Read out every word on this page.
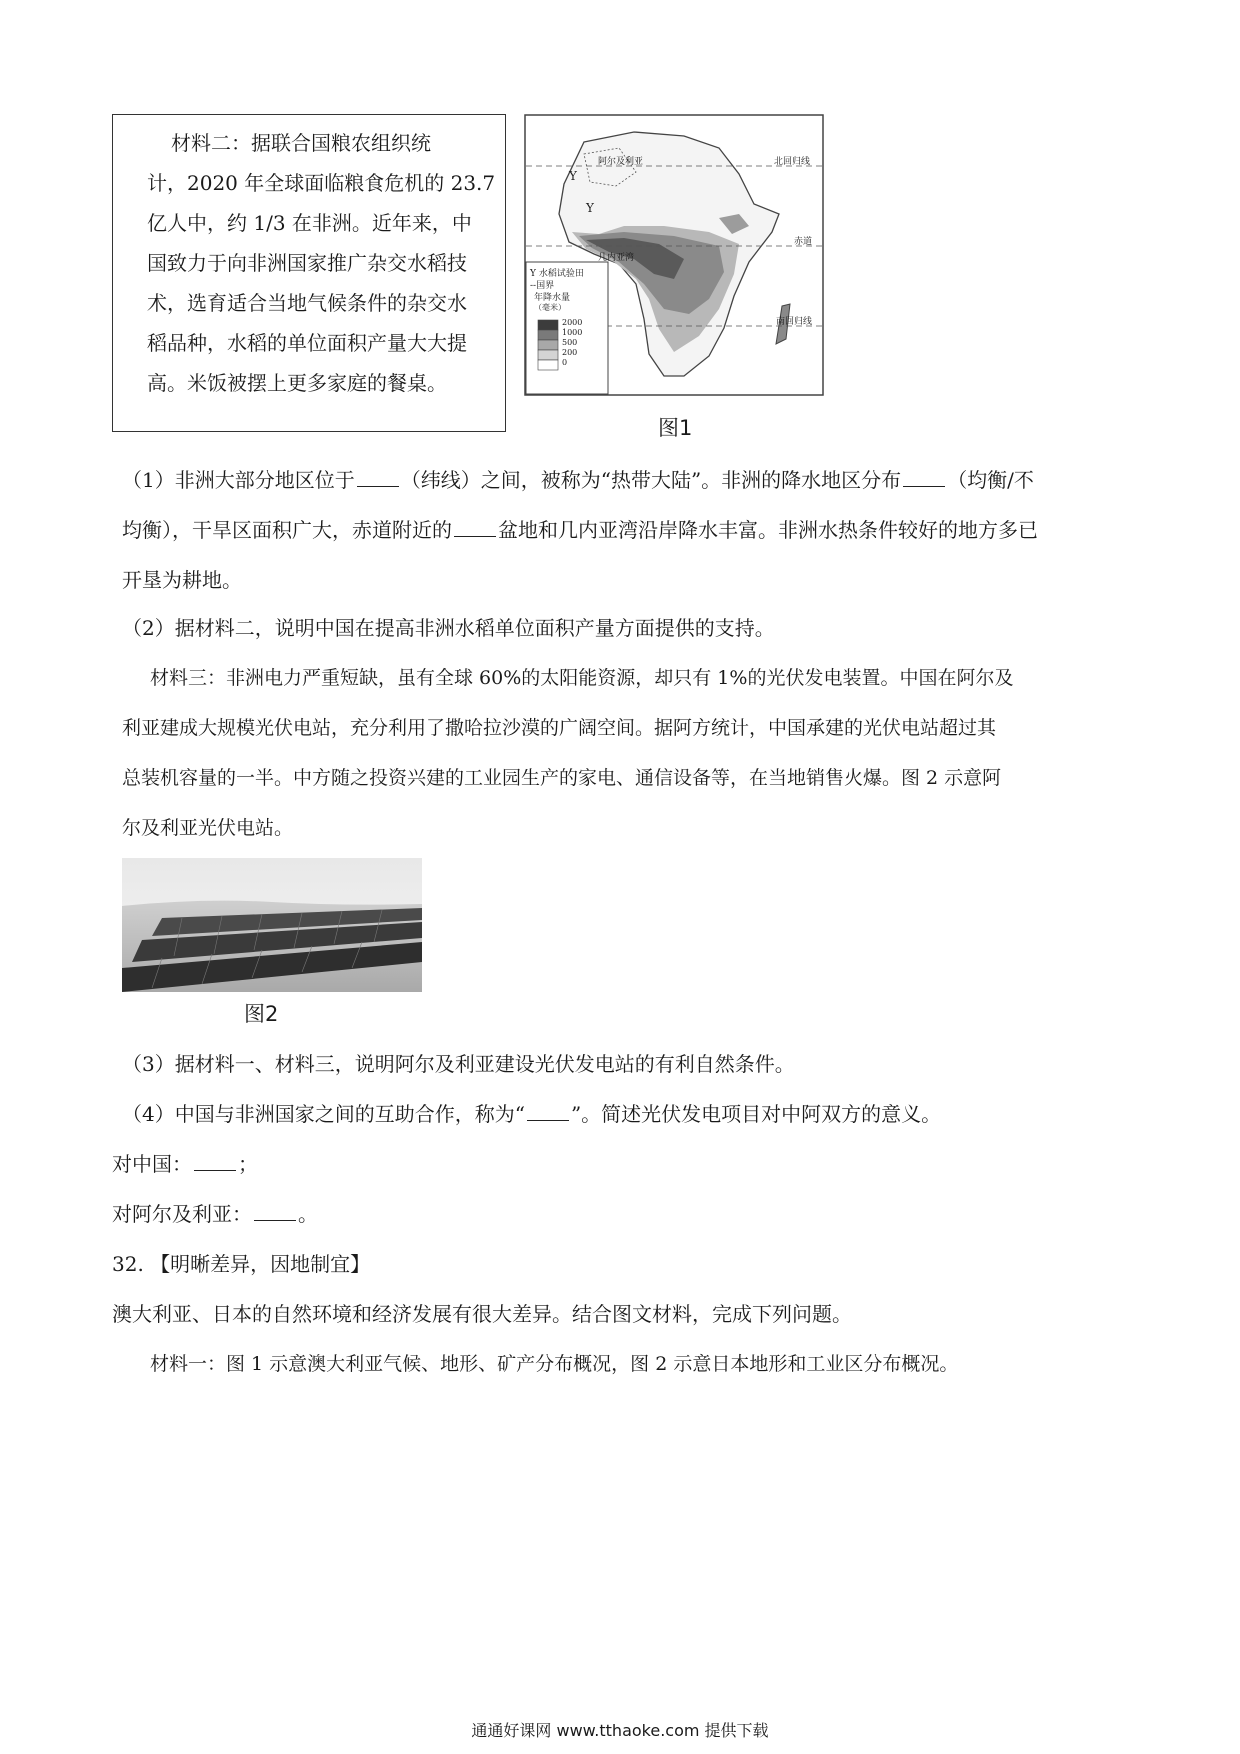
材料二：据联合国粮农组织统
计，2020 年全球面临粮食危机的 23.7
亿人中，约 1/3 在非洲。近年来，中
国致力于向非洲国家推广杂交水稻技
术，选育适合当地气候条件的杂交水
稻品种，水稻的单位面积产量大大提
高。米饭被摆上更多家庭的餐桌。
Y
Y
阿尔及利亚	北回归线
赤道
南回归线
几内亚湾
Y 水稻试验田
--国界
年降水量
（毫米）
2000
1000
500
200
0
图1
（1）非洲大部分地区位于 （纬线）之间，被称为“热带大陆”。非洲的降水地区分布 （均衡/不
均衡），干旱区面积广大，赤道附近的 盆地和几内亚湾沿岸降水丰富。非洲水热条件较好的地方多已
开垦为耕地。
（2）据材料二，说明中国在提高非洲水稻单位面积产量方面提供的支持。
材料三：非洲电力严重短缺，虽有全球 60%的太阳能资源，却只有 1%的光伏发电装置。中国在阿尔及
利亚建成大规模光伏电站，充分利用了撒哈拉沙漠的广阔空间。据阿方统计，中国承建的光伏电站超过其
总装机容量的一半。中方随之投资兴建的工业园生产的家电、通信设备等，在当地销售火爆。图 2 示意阿
尔及利亚光伏电站。
图2
（3）据材料一、材料三，说明阿尔及利亚建设光伏发电站的有利自然条件。
（4）中国与非洲国家之间的互助合作，称为“ ”。简述光伏发电项目对中阿双方的意义。
对中国： ；
对阿尔及利亚： 。
32. 【明晰差异，因地制宜】
澳大利亚、日本的自然环境和经济发展有很大差异。结合图文材料，完成下列问题。
材料一：图 1 示意澳大利亚气候、地形、矿产分布概况，图 2 示意日本地形和工业区分布概况。
通通好课网 www.tthaoke.com 提供下载
